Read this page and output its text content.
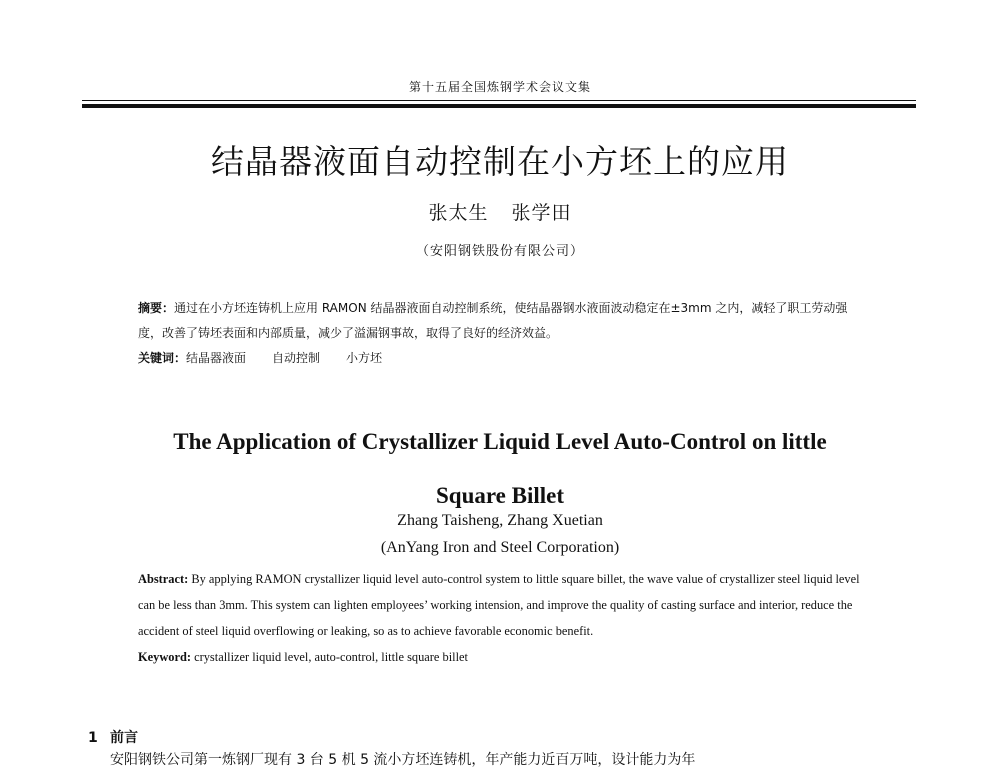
第十五届全国炼钢学术会议文集
结晶器液面自动控制在小方坯上的应用
张太生 张学田
（安阳钢铁股份有限公司）
摘要：通过在小方坯连铸机上应用 RAMON 结晶器液面自动控制系统，使结晶器钢水液面波动稳定在±3mm 之内，减轻了职工劳动强度，改善了铸坯表面和内部质量，减少了溢漏钢事故，取得了良好的经济效益。
关键词：结晶器液面 自动控制 小方坯
The Application of Crystallizer Liquid Level Auto-Control on little
Square Billet
Zhang Taisheng, Zhang Xuetian
(AnYang Iron and Steel Corporation)
Abstract: By applying RAMON crystallizer liquid level auto-control system to little square billet, the wave value of crystallizer steel liquid level can be less than 3mm. This system can lighten employees’ working intension, and improve the quality of casting surface and interior, reduce the accident of steel liquid overflowing or leaking, so as to achieve favorable economic benefit.
Keyword: crystallizer liquid level, auto-control, little square billet
1 前言
安阳钢铁公司第一炼钢厂现有 3 台 5 机 5 流小方坯连铸机，年产能力近百万吨，设计能力为年
